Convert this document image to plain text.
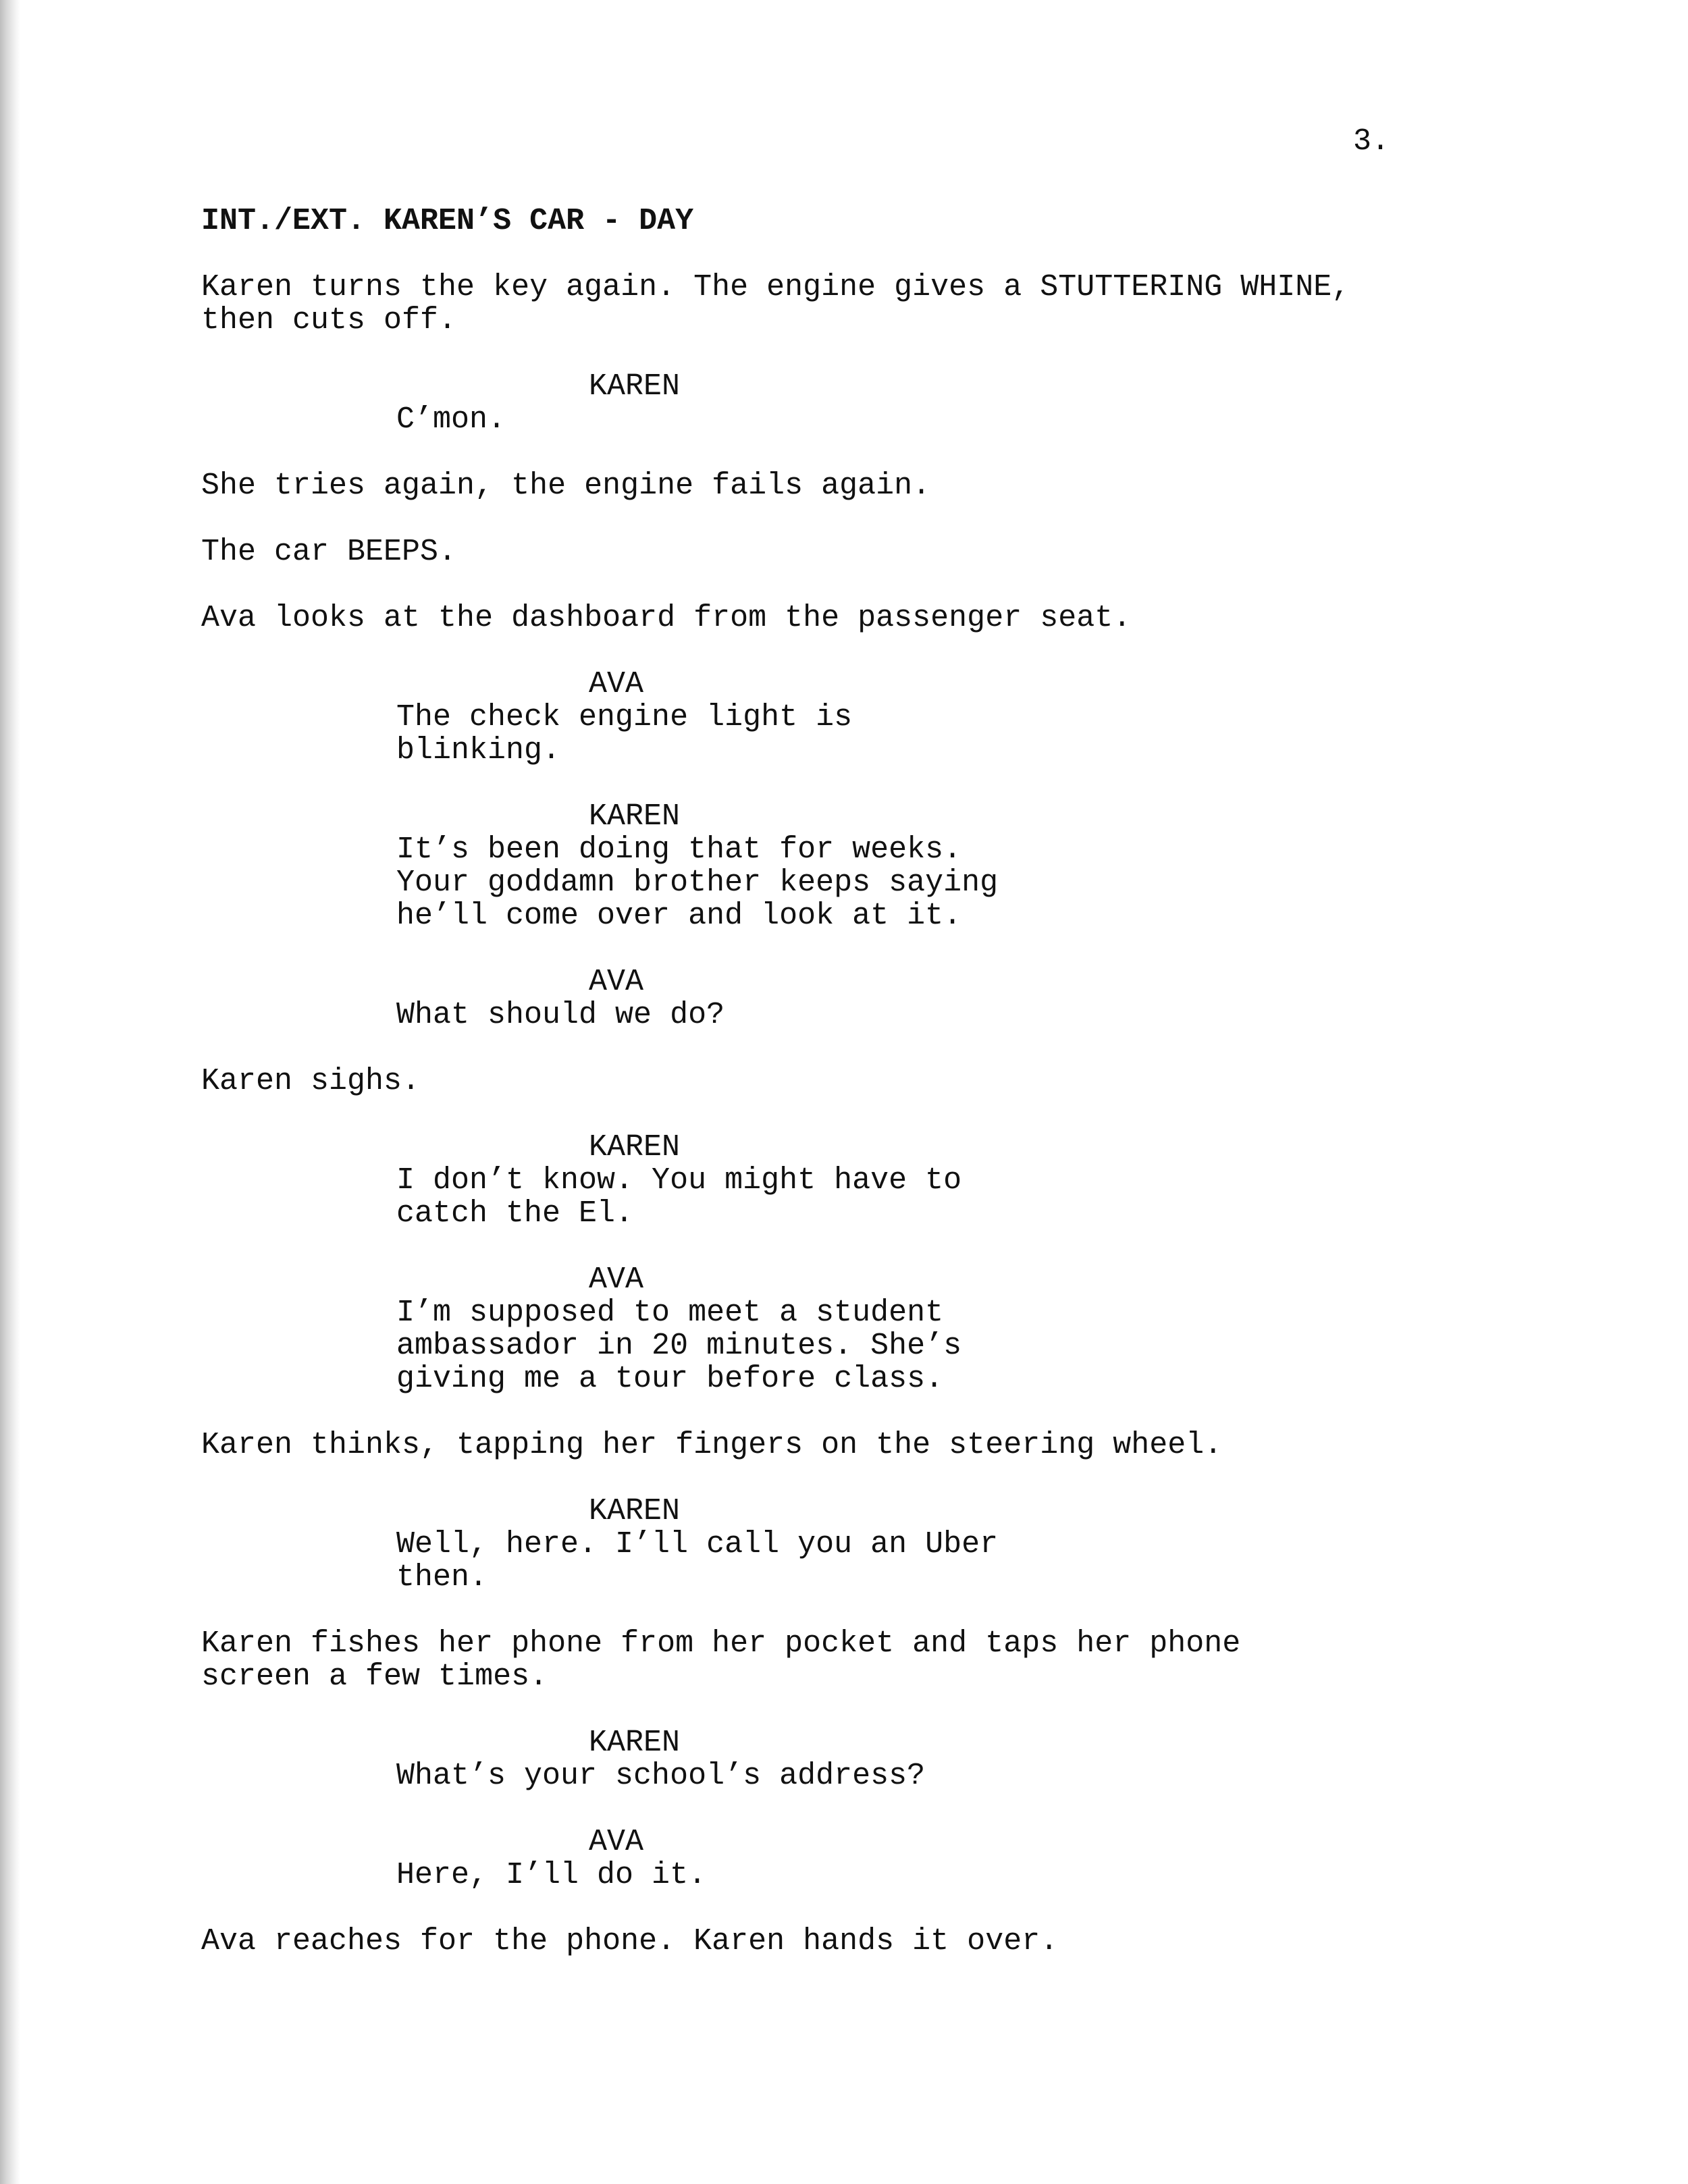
3.

INT./EXT. KAREN’S CAR - DAY

Karen turns the key again. The engine gives a STUTTERING WHINE,
then cuts off.

KAREN

C’mon.

She tries again, the engine fails again.

The car BEEPS.

Ava looks at the dashboard from the passenger seat.

AVA

The check engine light is
blinking.

KAREN

It’s been doing that for weeks.
Your goddamn brother keeps saying
he’ll come over and look at it.

AVA

What should we do?

Karen sighs.

KAREN

I don’t know. You might have to
catch the El.

AVA

I’m supposed to meet a student
ambassador in 20 minutes. She’s
giving me a tour before class.

Karen thinks, tapping her fingers on the steering wheel.

KAREN

Well, here. I’ll call you an Uber
then.

Karen fishes her phone from her pocket and taps her phone
screen a few times.

KAREN

What’s your school’s address?

AVA

Here, I’ll do it.

Ava reaches for the phone. Karen hands it over.
